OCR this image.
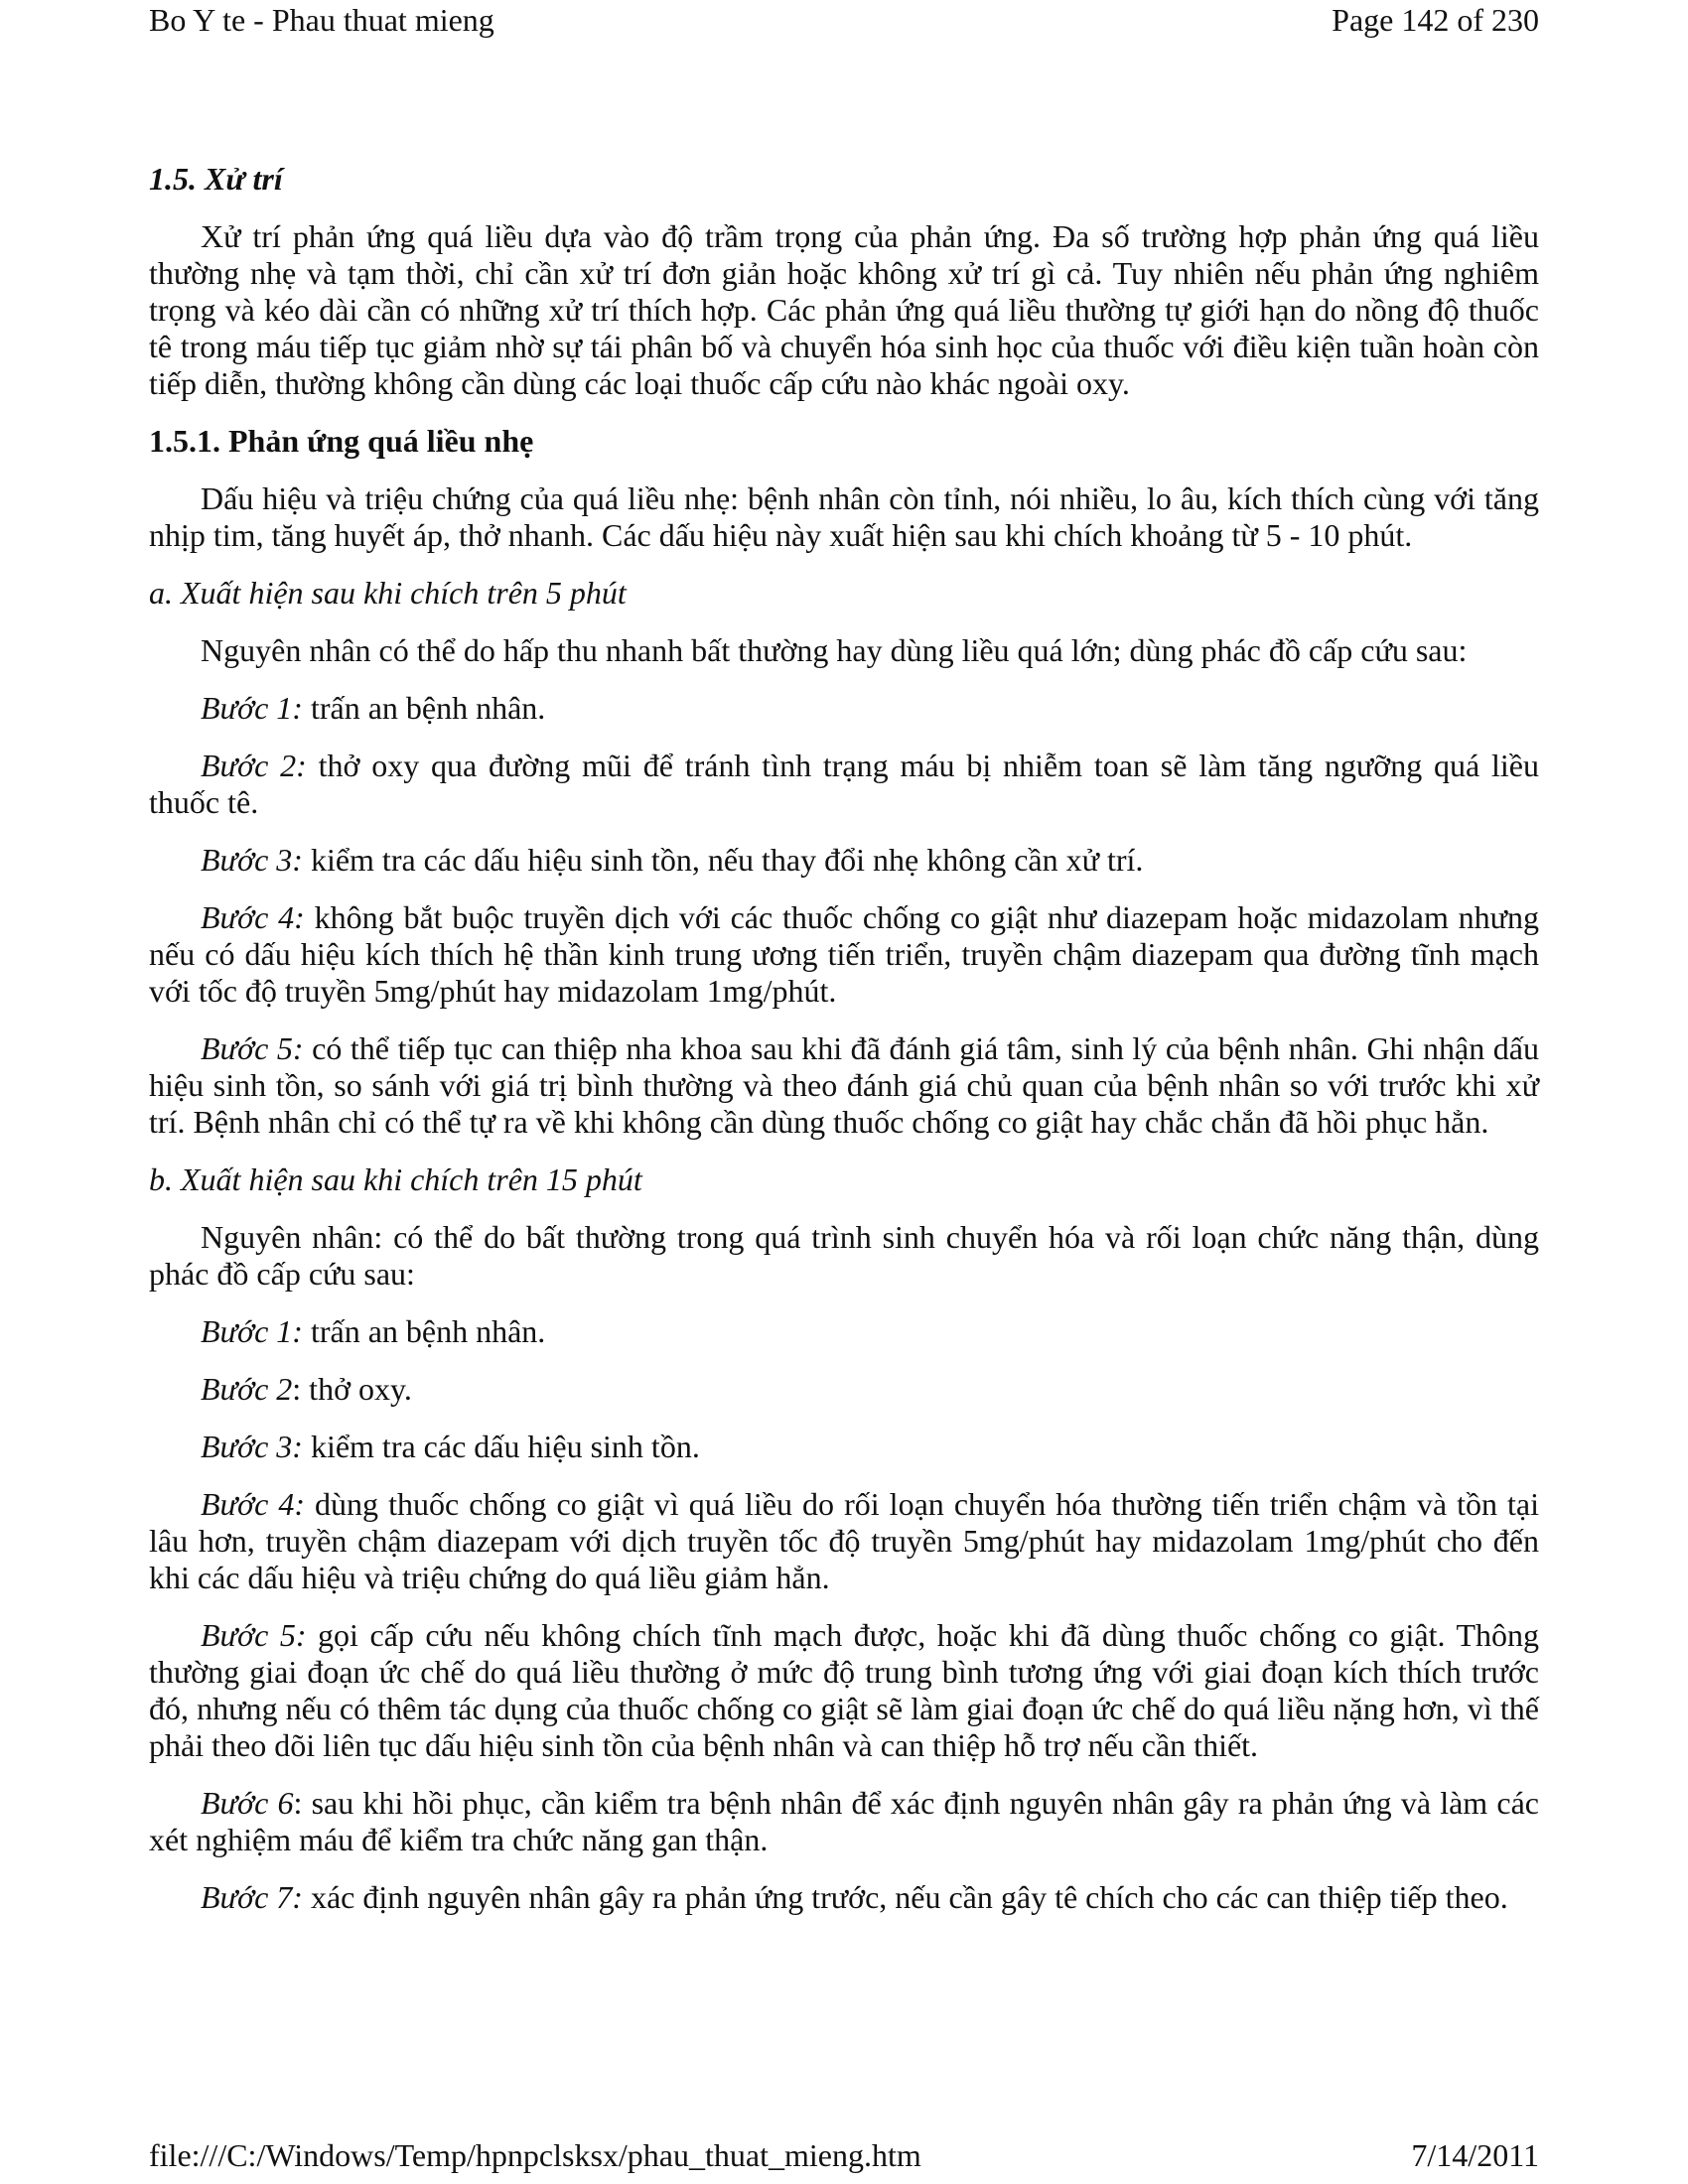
Bo Y te - Phau thuat mieng	Page 142 of 230

1.5. Xử trí

Xử trí phản ứng quá liều dựa vào độ trầm trọng của phản ứng. Đa số trường hợp phản ứng quá liều thường nhẹ và tạm thời, chỉ cần xử trí đơn giản hoặc không xử trí gì cả. Tuy nhiên nếu phản ứng nghiêm trọng và kéo dài cần có những xử trí thích hợp. Các phản ứng quá liều thường tự giới hạn do nồng độ thuốc tê trong máu tiếp tục giảm nhờ sự tái phân bố và chuyển hóa sinh học của thuốc với điều kiện tuần hoàn còn tiếp diễn, thường không cần dùng các loại thuốc cấp cứu nào khác ngoài oxy.

1.5.1. Phản ứng quá liều nhẹ

Dấu hiệu và triệu chứng của quá liều nhẹ: bệnh nhân còn tỉnh, nói nhiều, lo âu, kích thích cùng với tăng nhịp tim, tăng huyết áp, thở nhanh. Các dấu hiệu này xuất hiện sau khi chích khoảng từ 5 - 10 phút.

a. Xuất hiện sau khi chích trên 5 phút

Nguyên nhân có thể do hấp thu nhanh bất thường hay dùng liều quá lớn; dùng phác đồ cấp cứu sau:

Bước 1: trấn an bệnh nhân.

Bước 2: thở oxy qua đường mũi để tránh tình trạng máu bị nhiễm toan sẽ làm tăng ngưỡng quá liều thuốc tê.

Bước 3: kiểm tra các dấu hiệu sinh tồn, nếu thay đổi nhẹ không cần xử trí.

Bước 4: không bắt buộc truyền dịch với các thuốc chống co giật như diazepam hoặc midazolam nhưng nếu có dấu hiệu kích thích hệ thần kinh trung ương tiến triển, truyền chậm diazepam qua đường tĩnh mạch với tốc độ truyền 5mg/phút hay midazolam 1mg/phút.

Bước 5: có thể tiếp tục can thiệp nha khoa sau khi đã đánh giá tâm, sinh lý của bệnh nhân. Ghi nhận dấu hiệu sinh tồn, so sánh với giá trị bình thường và theo đánh giá chủ quan của bệnh nhân so với trước khi xử trí. Bệnh nhân chỉ có thể tự ra về khi không cần dùng thuốc chống co giật hay chắc chắn đã hồi phục hẳn.

b. Xuất hiện sau khi chích trên 15 phút

Nguyên nhân: có thể do bất thường trong quá trình sinh chuyển hóa và rối loạn chức năng thận, dùng phác đồ cấp cứu sau:

Bước 1: trấn an bệnh nhân.

Bước 2: thở oxy.

Bước 3: kiểm tra các dấu hiệu sinh tồn.

Bước 4: dùng thuốc chống co giật vì quá liều do rối loạn chuyển hóa thường tiến triển chậm và tồn tại lâu hơn, truyền chậm diazepam với dịch truyền tốc độ truyền 5mg/phút hay midazolam 1mg/phút cho đến khi các dấu hiệu và triệu chứng do quá liều giảm hẳn.

Bước 5: gọi cấp cứu nếu không chích tĩnh mạch được, hoặc khi đã dùng thuốc chống co giật. Thông thường giai đoạn ức chế do quá liều thường ở mức độ trung bình tương ứng với giai đoạn kích thích trước đó, nhưng nếu có thêm tác dụng của thuốc chống co giật sẽ làm giai đoạn ức chế do quá liều nặng hơn, vì thế phải theo dõi liên tục dấu hiệu sinh tồn của bệnh nhân và can thiệp hỗ trợ nếu cần thiết.

Bước 6: sau khi hồi phục, cần kiểm tra bệnh nhân để xác định nguyên nhân gây ra phản ứng và làm các xét nghiệm máu để kiểm tra chức năng gan thận.

Bước 7: xác định nguyên nhân gây ra phản ứng trước, nếu cần gây tê chích cho các can thiệp tiếp theo.

file:///C:/Windows/Temp/hpnpclsksx/phau_thuat_mieng.htm	7/14/2011
